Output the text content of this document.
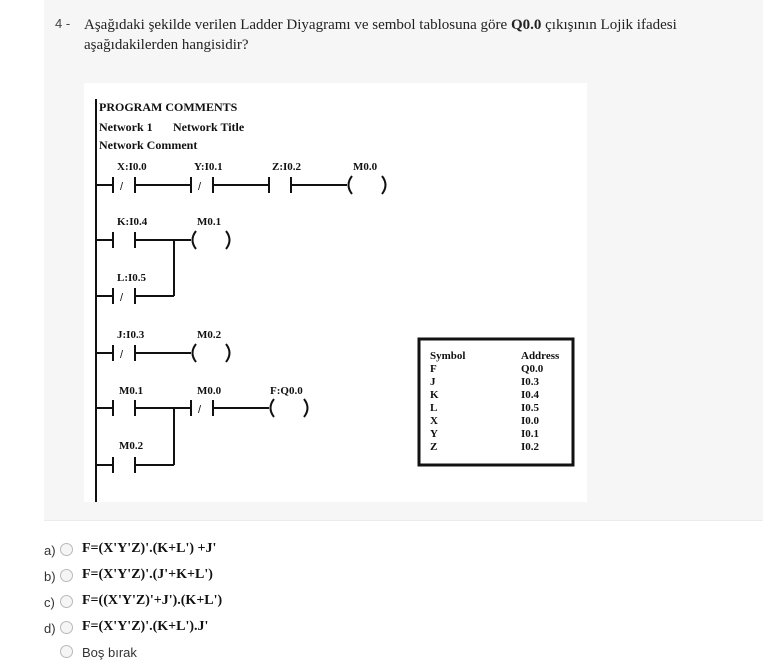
4 - Aşağıdaki şekilde verilen Ladder Diyagramı ve sembol tablosuna göre Q0.0 çıkışının Lojik ifadesi aşağıdakilerden hangisidir?
PROGRAM COMMENTS
Network 1 Network Title
Network Comment
X:I0.0	Y:I0.1	Z:I0.2	M0.0
K:I0.4	M0.1
L:I0.5
J:I0.3	M0.2
M0.1	M0.0	F:Q0.0
M0.2
/	/
/
/
/
Symbol	Address
F	Q0.0
J	I0.3
K	I0.4
L	I0.5
X	I0.0
Y	I0.1
Z	I0.2
a) F=(X'Y'Z)'.(K+L') +J'
b) F=(X'Y'Z)'.(J'+K+L')
c) F=((X'Y'Z)'+J').(K+L')
d) F=(X'Y'Z)'.(K+L').J'
Boş bırak
